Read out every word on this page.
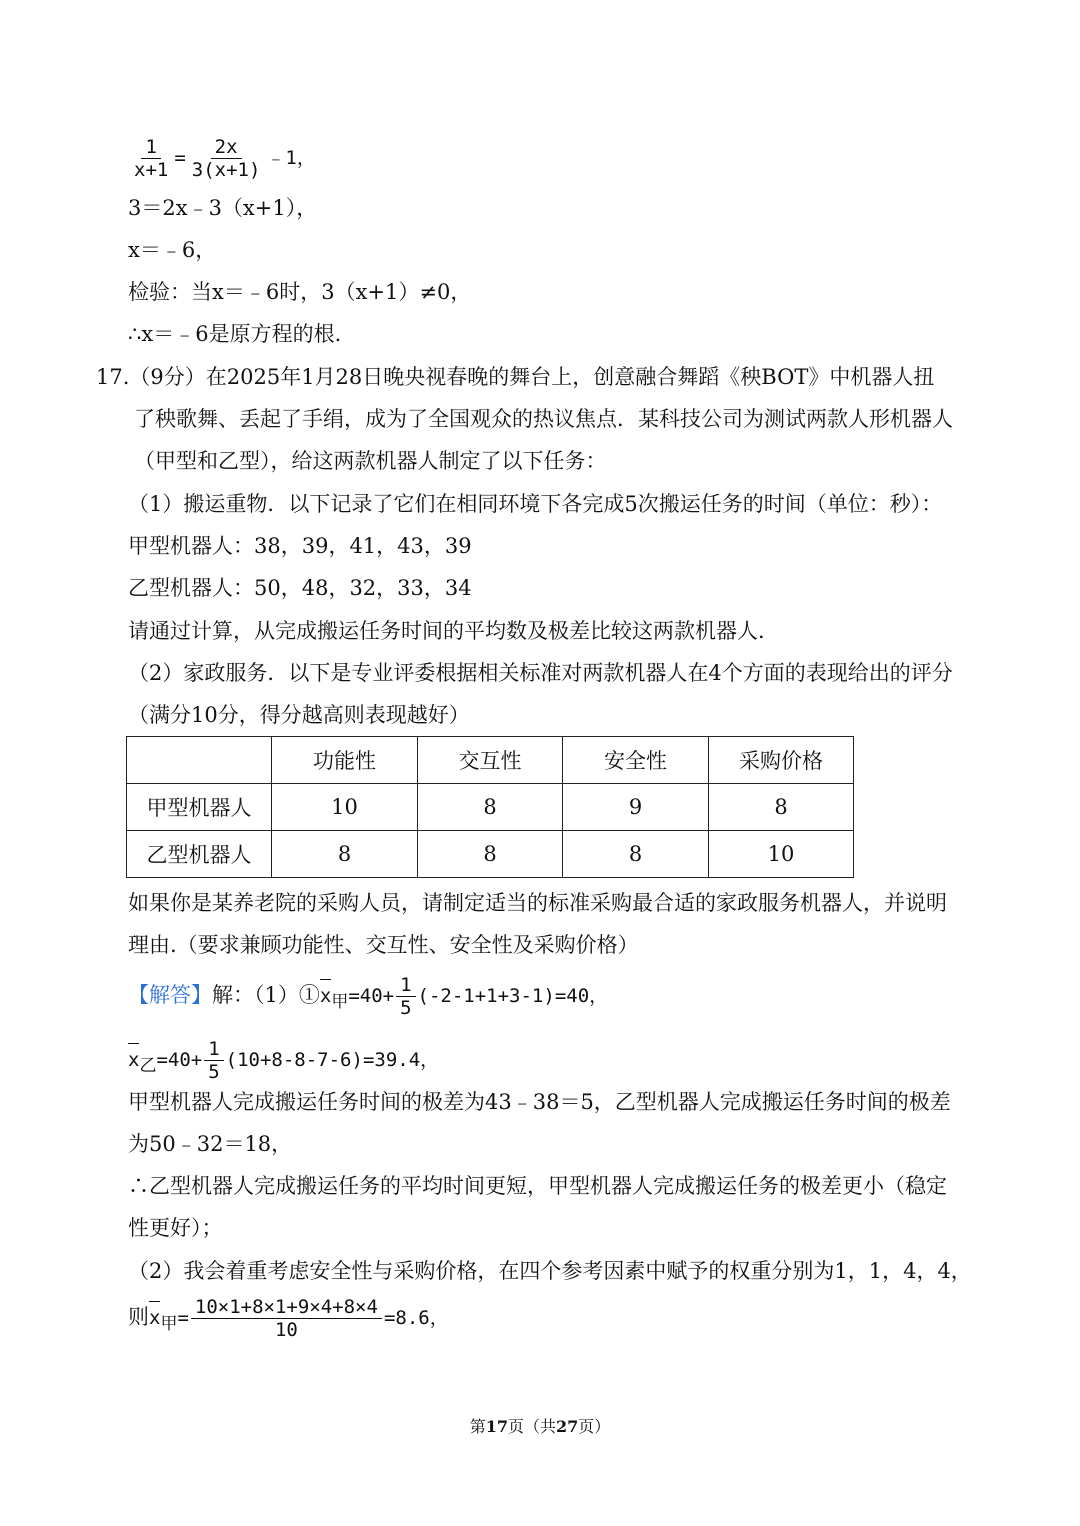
$\frac{1}{x+1} = \frac{2x}{3(x+1)}$ ﹣1，
3＝2x﹣3（x+1），
x＝﹣6，
检验：当x＝﹣6时，3（x+1）≠0，
∴x＝﹣6是原方程的根.
17.（9分）在2025年1月28日晚央视春晚的舞台上，创意融合舞蹈《秧BOT》中机器人扭
了秧歌舞、丢起了手绢，成为了全国观众的热议焦点．某科技公司为测试两款人形机器人
（甲型和乙型），给这两款机器人制定了以下任务：
（1）搬运重物．以下记录了它们在相同环境下各完成5次搬运任务的时间（单位：秒）：
甲型机器人：38，39，41，43，39
乙型机器人：50，48，32，33，34
请通过计算，从完成搬运任务时间的平均数及极差比较这两款机器人．
（2）家政服务．以下是专业评委根据相关标准对两款机器人在4个方面的表现给出的评分
（满分10分，得分越高则表现越好）
	功能性	交互性	安全性	采购价格
甲型机器人	10	8	9	8
乙型机器人	8	8	8	10
如果你是某养老院的采购人员，请制定适当的标准采购最合适的家政服务机器人，并说明
理由.（要求兼顾功能性、交互性、安全性及采购价格）
【解答】解：（1）①x甲$=40+ \frac{1}{5} (-2-1+1+3-1)=40$，
x乙$=40+ \frac{1}{5} (10+8-8-7-6)=39.4$，
甲型机器人完成搬运任务时间的极差为43﹣38＝5，乙型机器人完成搬运任务时间的极差
为50﹣32＝18，
∴乙型机器人完成搬运任务的平均时间更短，甲型机器人完成搬运任务的极差更小（稳定
性更好）；
（2）我会着重考虑安全性与采购价格，在四个参考因素中赋予的权重分别为1，1，4，4，
则x甲= $\frac{10\times 1+8\times 1+9\times 4+8\times 4}{10} =8.6$，
第17页（共27页）
